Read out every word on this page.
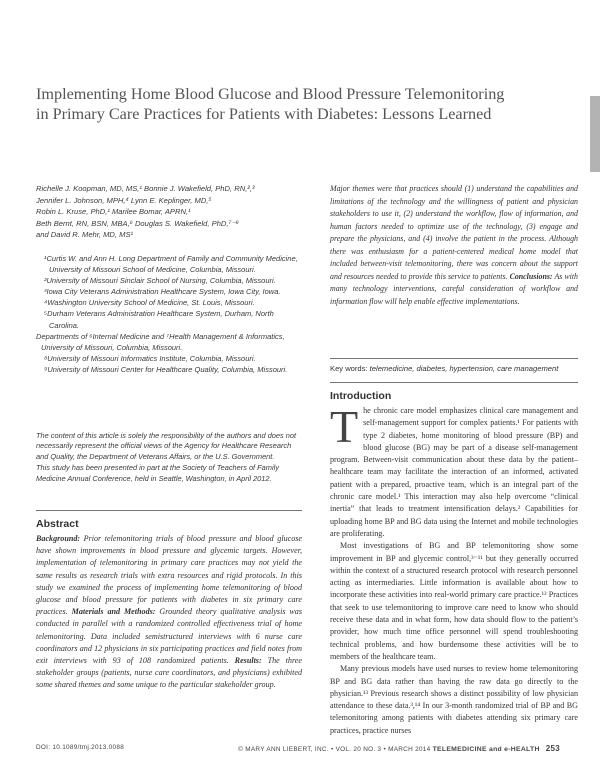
Implementing Home Blood Glucose and Blood Pressure Telemonitoring
in Primary Care Practices for Patients with Diabetes: Lessons Learned
Richelle J. Koopman, MD, MS,¹ Bonnie J. Wakefield, PhD, RN,²,³
Jennifer L. Johnson, MPH,⁴ Lynn E. Keplinger, MD,⁵
Robin L. Kruse, PhD,¹ Marilee Bomar, APRN,¹
Beth Bernt, RN, BSN, MBA,⁶ Douglas S. Wakefield, PhD,⁷⁻⁹
and David R. Mehr, MD, MS¹
¹Curtis W. and Ann H. Long Department of Family and Community Medicine, University of Missouri School of Medicine, Columbia, Missouri.
²University of Missouri Sinclair School of Nursing, Columbia, Missouri.
³Iowa City Veterans Administration Healthcare System, Iowa City, Iowa.
⁴Washington University School of Medicine, St. Louis, Missouri.
⁵Durham Veterans Administration Healthcare System, Durham, North Carolina.
Departments of ⁶Internal Medicine and ⁷Health Management & Informatics, University of Missouri, Columbia, Missouri.
⁸University of Missouri Informatics Institute, Columbia, Missouri.
⁹University of Missouri Center for Healthcare Quality, Columbia, Missouri.

The content of this article is solely the responsibility of the authors and does not necessarily represent the official views of the Agency for Healthcare Research and Quality, the Department of Veterans Affairs, or the U.S. Government.

This study has been presented in part at the Society of Teachers of Family Medicine Annual Conference, held in Seattle, Washington, in April 2012.

Abstract
Background: Prior telemonitoring trials of blood pressure and blood glucose have shown improvements in blood pressure and glycemic targets. However, implementation of telemonitoring in primary care practices may not yield the same results as research trials with extra resources and rigid protocols. In this study we examined the process of implementing home telemonitoring of blood glucose and blood pressure for patients with diabetes in six primary care practices. Materials and Methods: Grounded theory qualitative analysis was conducted in parallel with a randomized controlled effectiveness trial of home telemonitoring. Data included semistructured interviews with 6 nurse care coordinators and 12 physicians in six participating practices and field notes from exit interviews with 93 of 108 randomized patients. Results: The three stakeholder groups (patients, nurse care coordinators, and physicians) exhibited some shared themes and some unique to the particular stakeholder group.
Major themes were that practices should (1) understand the capabilities and limitations of the technology and the willingness of patient and physician stakeholders to use it, (2) understand the workflow, flow of information, and human factors needed to optimize use of the technology, (3) engage and prepare the physicians, and (4) involve the patient in the process. Although there was enthusiasm for a patient-centered medical home model that included between-visit telemonitoring, there was concern about the support and resources needed to provide this service to patients. Conclusions: As with many technology interventions, careful consideration of workflow and information flow will help enable effective implementations.
Key words: telemedicine, diabetes, hypertension, care management
Introduction

The chronic care model emphasizes clinical care management and self-management support for complex patients.¹ For patients with type 2 diabetes, home monitoring of blood pressure (BP) and blood glucose (BG) may be part of a disease self-management program. Between-visit communication about these data by the patient–healthcare team may facilitate the interaction of an informed, activated patient with a prepared, proactive team, which is an integral part of the chronic care model.¹ This interaction may also help overcome “clinical inertia” that leads to treatment intensification delays.² Capabilities for uploading home BP and BG data using the Internet and mobile technologies are proliferating.

Most investigations of BG and BP telemonitoring show some improvement in BP and glycemic control,³⁻¹¹ but they generally occurred within the context of a structured research protocol with research personnel acting as intermediaries. Little information is available about how to incorporate these activities into real-world primary care practice.¹² Practices that seek to use telemonitoring to improve care need to know who should receive these data and in what form, how data should flow to the patient’s provider, how much time office personnel will spend troubleshooting technical problems, and how burdensome these activities will be to members of the healthcare team.

Many previous models have used nurses to review home telemonitoring BP and BG data rather than having the raw data go directly to the physician.¹³ Previous research shows a distinct possibility of low physician attendance to these data.³,¹⁴ In our 3-month randomized trial of BP and BG telemonitoring among patients with diabetes attending six primary care practices, practice nurses

DOI: 10.1089/tmj.2013.0088	© MARY ANN LIEBERT, INC. • VOL. 20 NO. 3 • MARCH 2014 TELEMEDICINE and e-HEALTH 253
